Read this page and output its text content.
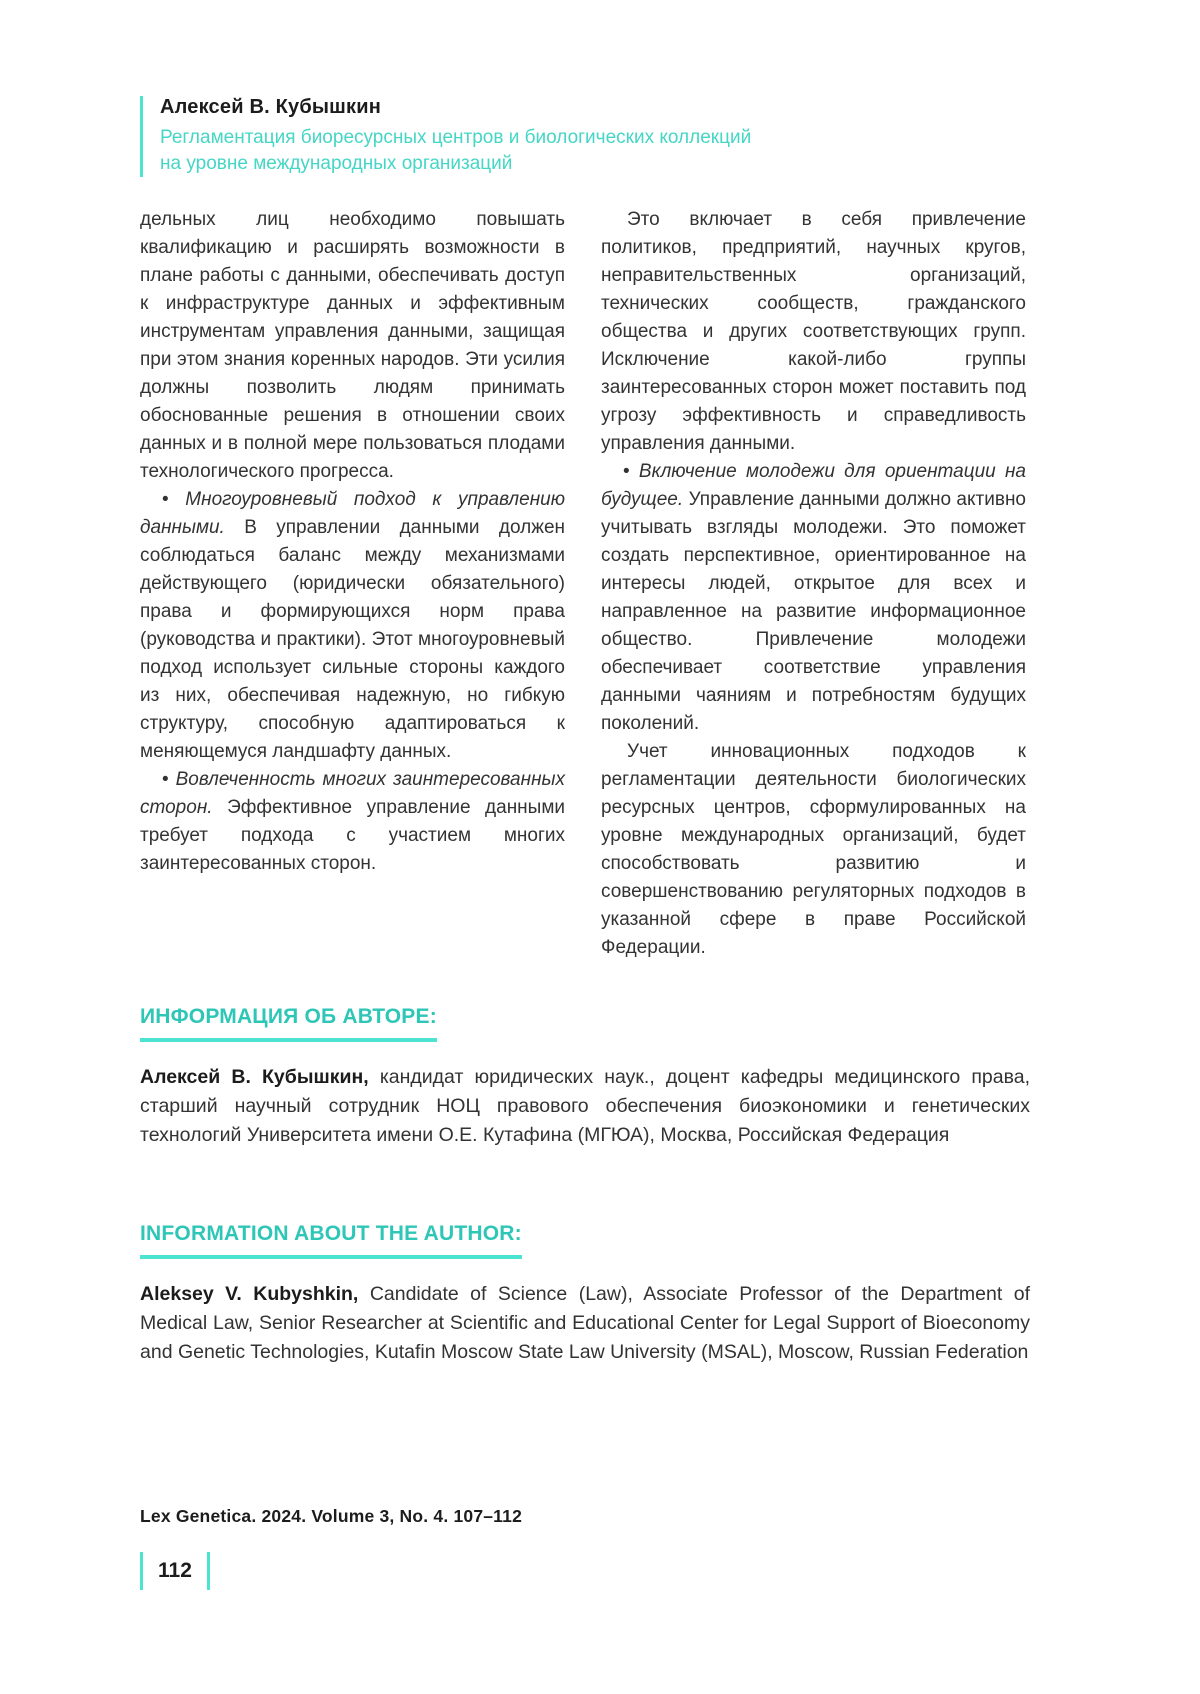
Алексей В. Кубышкин
Регламентация биоресурсных центров и биологических коллекций
на уровне международных организаций

дельных лиц необходимо повышать квалификацию и расширять возможности в плане работы с данными, обеспечивать доступ к инфраструктуре данных и эффективным инструментам управления данными, защищая при этом знания коренных народов. Эти усилия должны позволить людям принимать обоснованные решения в отношении своих данных и в полной мере пользоваться плодами технологического прогресса.

• Многоуровневый подход к управлению данными. В управлении данными должен соблюдаться баланс между механизмами действующего (юридически обязательного) права и формирующихся норм права (руководства и практики). Этот многоуровневый подход использует сильные стороны каждого из них, обеспечивая надежную, но гибкую структуру, способную адаптироваться к меняющемуся ландшафту данных.

• Вовлеченность многих заинтересованных сторон. Эффективное управление данными требует подхода с участием многих заинтересованных сторон.

Это включает в себя привлечение политиков, предприятий, научных кругов, неправительственных организаций, технических сообществ, гражданского общества и других соответствующих групп. Исключение какой-либо группы заинтересованных сторон может поставить под угрозу эффективность и справедливость управления данными.

• Включение молодежи для ориентации на будущее. Управление данными должно активно учитывать взгляды молодежи. Это поможет создать перспективное, ориентированное на интересы людей, открытое для всех и направленное на развитие информационное общество. Привлечение молодежи обеспечивает соответствие управления данными чаяниям и потребностям будущих поколений.

Учет инновационных подходов к регламентации деятельности биологических ресурсных центров, сформулированных на уровне международных организаций, будет способствовать развитию и совершенствованию регуляторных подходов в указанной сфере в праве Российской Федерации.

ИНФОРМАЦИЯ ОБ АВТОРЕ:

Алексей В. Кубышкин, кандидат юридических наук., доцент кафедры медицинского права, старший научный сотрудник НОЦ правового обеспечения биоэкономики и генетических технологий Университета имени О.Е. Кутафина (МГЮА), Москва, Российская Федерация

INFORMATION ABOUT THE AUTHOR:

Aleksey V. Kubyshkin, Candidate of Science (Law), Associate Professor of the Department of Medical Law, Senior Researcher at Scientific and Educational Center for Legal Support of Bioeconomy and Genetic Technologies, Kutafin Moscow State Law University (MSAL), Moscow, Russian Federation

Lex Genetica. 2024. Volume 3, No. 4. 107–112
112
